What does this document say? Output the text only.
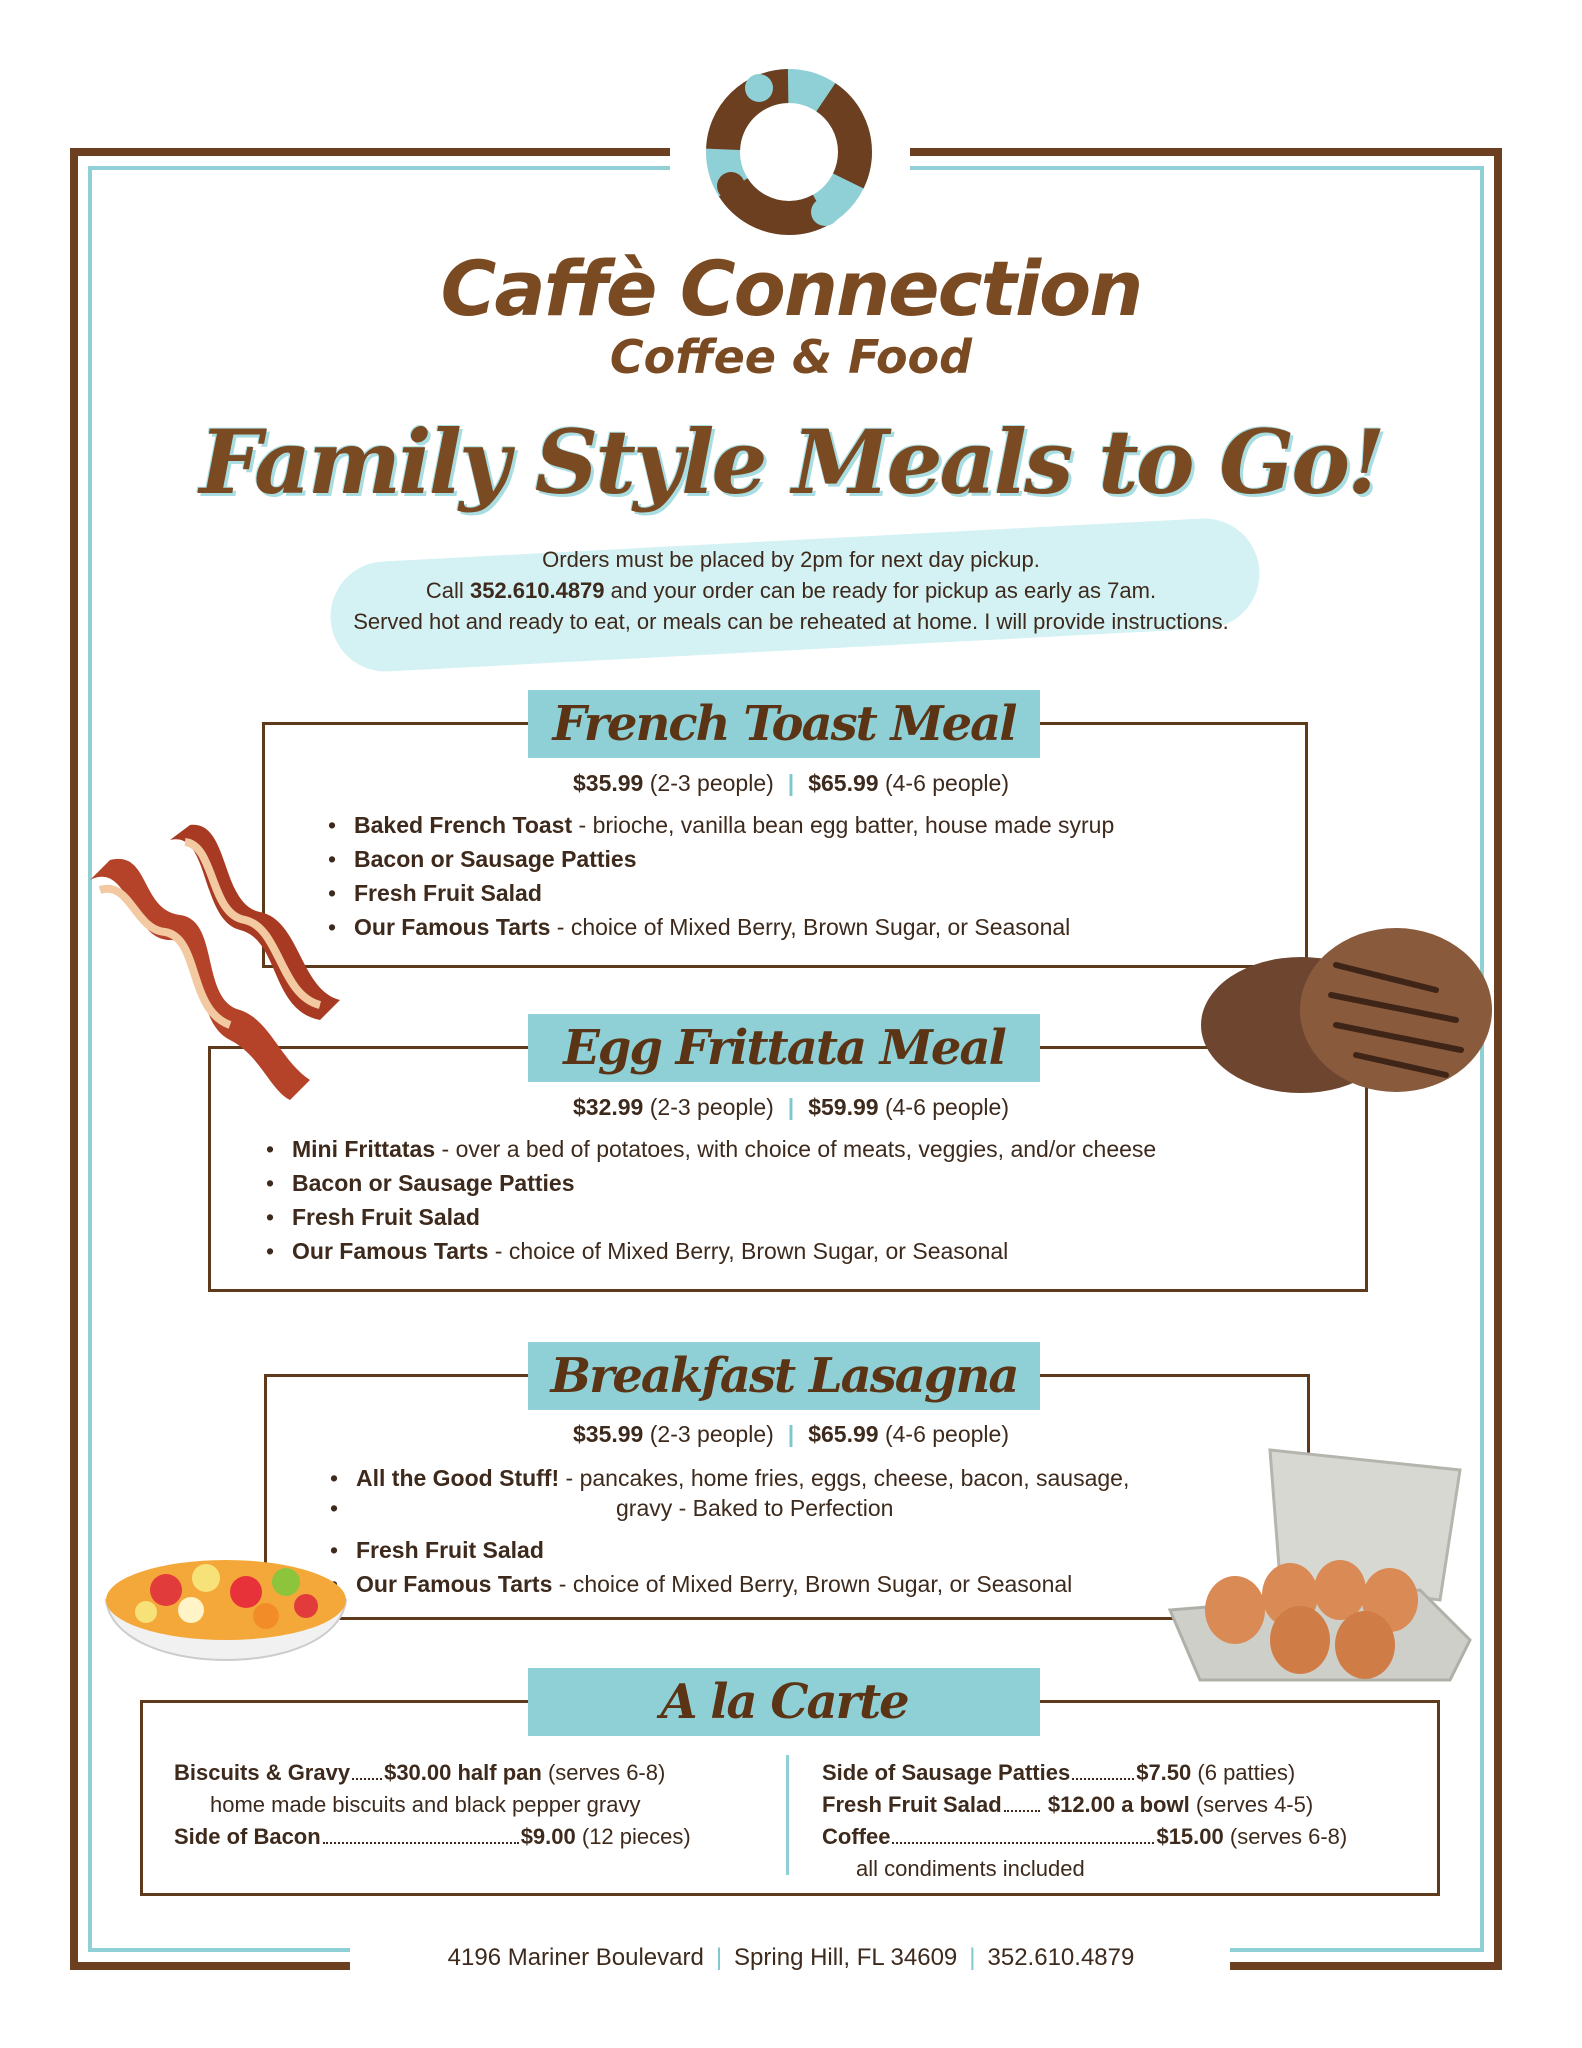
Caffè Connection
Coffee & Food
Family Style Meals to Go!
Orders must be placed by 2pm for next day pickup.
Call 352.610.4879 and your order can be ready for pickup as early as 7am.
Served hot and ready to eat, or meals can be reheated at home. I will provide instructions.
French Toast Meal
$35.99 (2-3 people) | $65.99 (4-6 people)
• Baked French Toast - brioche, vanilla bean egg batter, house made syrup
• Bacon or Sausage Patties
• Fresh Fruit Salad
• Our Famous Tarts - choice of Mixed Berry, Brown Sugar, or Seasonal
Egg Frittata Meal
$32.99 (2-3 people) | $59.99 (4-6 people)
• Mini Frittatas - over a bed of potatoes, with choice of meats, veggies, and/or cheese
• Bacon or Sausage Patties
• Fresh Fruit Salad
• Our Famous Tarts - choice of Mixed Berry, Brown Sugar, or Seasonal
Breakfast Lasagna
$35.99 (2-3 people) | $65.99 (4-6 people)
• All the Good Stuff! - pancakes, home fries, eggs, cheese, bacon, sausage,
• gravy - Baked to Perfection
• Fresh Fruit Salad
• Our Famous Tarts - choice of Mixed Berry, Brown Sugar, or Seasonal
A la Carte
Biscuits & Gravy $30.00 half pan (serves 6-8)
home made biscuits and black pepper gravy
Side of Bacon	$9.00 (12 pieces)
Side of Sausage Patties	$7.50 (6 patties)
Fresh Fruit Salad $12.00 a bowl (serves 4-5)
Coffee	$15.00 (serves 6-8)
all condiments included
4196 Mariner Boulevard | Spring Hill, FL 34609 | 352.610.4879
